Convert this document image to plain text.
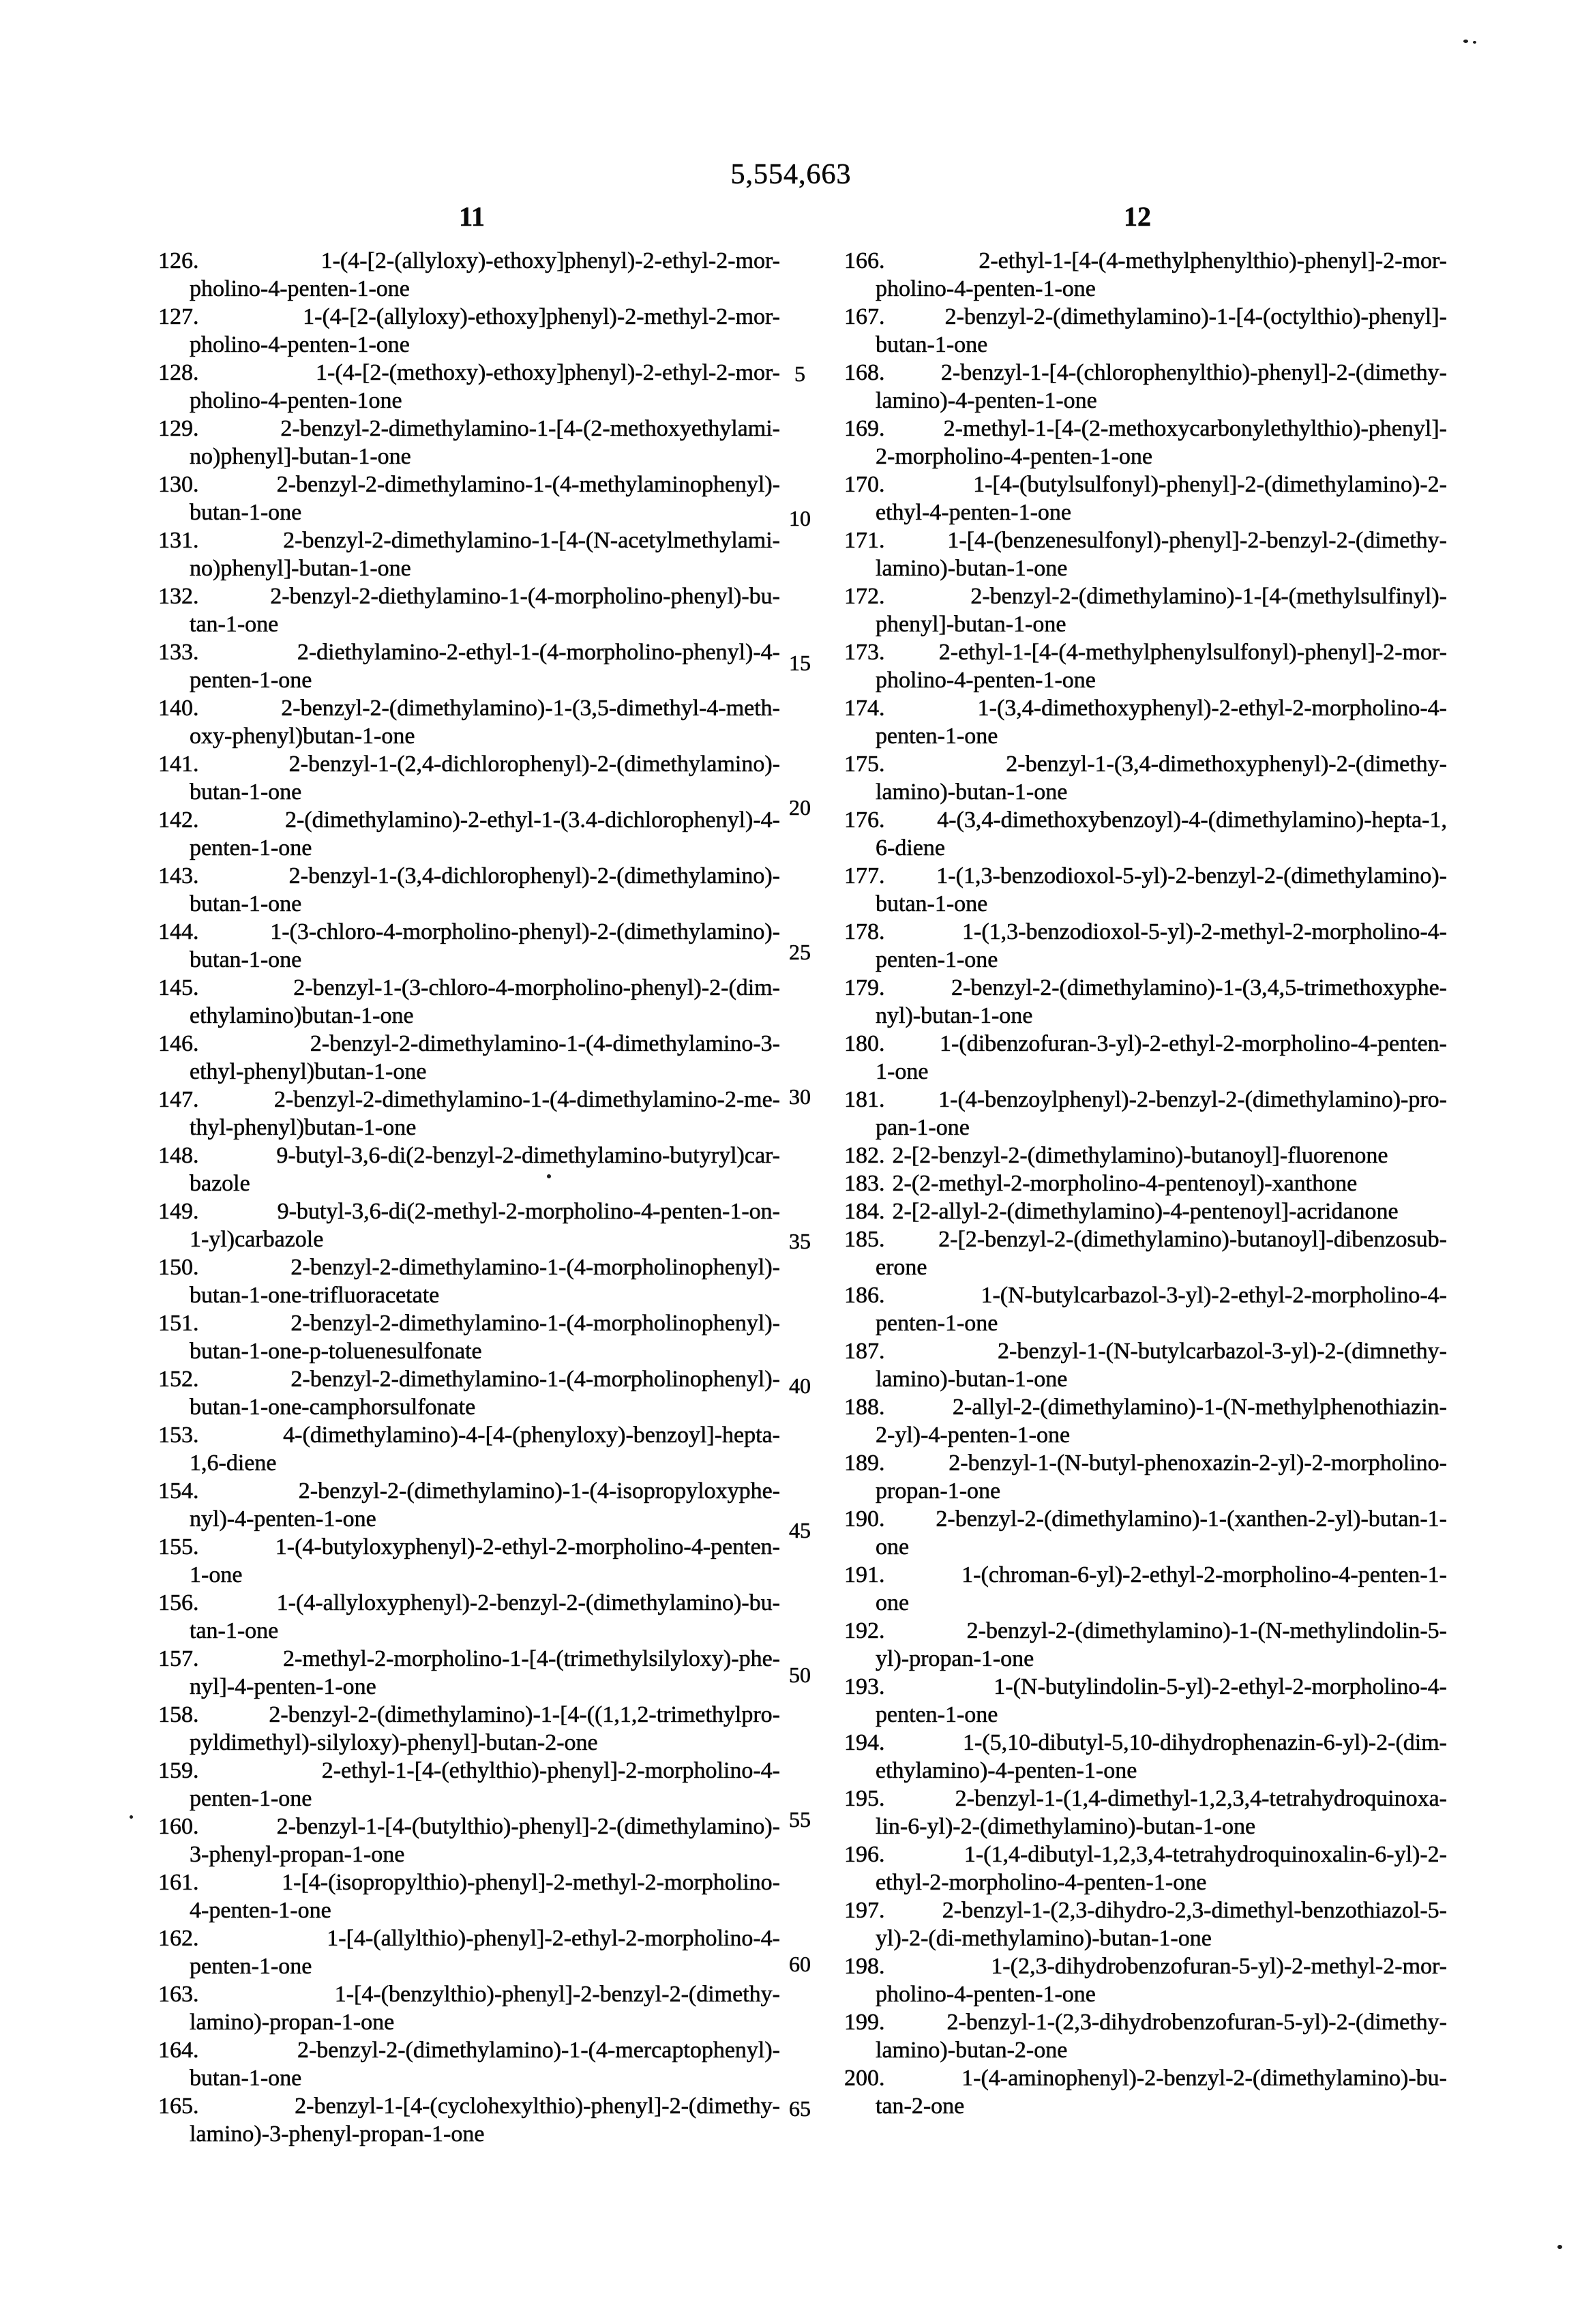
5,554,663
11	12
126.	1-(4-[2-(allyloxy)-ethoxy]phenyl)-2-ethyl-2-mor-
pholino-4-penten-1-one
127.	1-(4-[2-(allyloxy)-ethoxy]phenyl)-2-methyl-2-mor-
pholino-4-penten-1-one
128.	1-(4-[2-(methoxy)-ethoxy]phenyl)-2-ethyl-2-mor-
pholino-4-penten-1one
129.	2-benzyl-2-dimethylamino-1-[4-(2-methoxyethylami-
no)phenyl]-butan-1-one
130.	2-benzyl-2-dimethylamino-1-(4-methylaminophenyl)-
butan-1-one
131.	2-benzyl-2-dimethylamino-1-[4-(N-acetylmethylami-
no)phenyl]-butan-1-one
132.	2-benzyl-2-diethylamino-1-(4-morpholino-phenyl)-bu-
tan-1-one
133.	2-diethylamino-2-ethyl-1-(4-morpholino-phenyl)-4-
penten-1-one
140.	2-benzyl-2-(dimethylamino)-1-(3,5-dimethyl-4-meth-
oxy-phenyl)butan-1-one
141.	2-benzyl-1-(2,4-dichlorophenyl)-2-(dimethylamino)-
butan-1-one
142.	2-(dimethylamino)-2-ethyl-1-(3.4-dichlorophenyl)-4-
penten-1-one
143.	2-benzyl-1-(3,4-dichlorophenyl)-2-(dimethylamino)-
butan-1-one
144.	1-(3-chloro-4-morpholino-phenyl)-2-(dimethylamino)-
butan-1-one
145.	2-benzyl-1-(3-chloro-4-morpholino-phenyl)-2-(dim-
ethylamino)butan-1-one
146.	2-benzyl-2-dimethylamino-1-(4-dimethylamino-3-
ethyl-phenyl)butan-1-one
147.	2-benzyl-2-dimethylamino-1-(4-dimethylamino-2-me-
thyl-phenyl)butan-1-one
148.	9-butyl-3,6-di(2-benzyl-2-dimethylamino-butyryl)car-
bazole
149.	9-butyl-3,6-di(2-methyl-2-morpholino-4-penten-1-on-
1-yl)carbazole
150.	2-benzyl-2-dimethylamino-1-(4-morpholinophenyl)-
butan-1-one-trifluoracetate
151.	2-benzyl-2-dimethylamino-1-(4-morpholinophenyl)-
butan-1-one-p-toluenesulfonate
152.	2-benzyl-2-dimethylamino-1-(4-morpholinophenyl)-
butan-1-one-camphorsulfonate
153.	4-(dimethylamino)-4-[4-(phenyloxy)-benzoyl]-hepta-
1,6-diene
154.	2-benzyl-2-(dimethylamino)-1-(4-isopropyloxyphe-
nyl)-4-penten-1-one
155.	1-(4-butyloxyphenyl)-2-ethyl-2-morpholino-4-penten-
1-one
156.	1-(4-allyloxyphenyl)-2-benzyl-2-(dimethylamino)-bu-
tan-1-one
157.	2-methyl-2-morpholino-1-[4-(trimethylsilyloxy)-phe-
nyl]-4-penten-1-one
158.	2-benzyl-2-(dimethylamino)-1-[4-((1,1,2-trimethylpro-
pyldimethyl)-silyloxy)-phenyl]-butan-2-one
159.	2-ethyl-1-[4-(ethylthio)-phenyl]-2-morpholino-4-
penten-1-one
160.	2-benzyl-1-[4-(butylthio)-phenyl]-2-(dimethylamino)-
3-phenyl-propan-1-one
161.	1-[4-(isopropylthio)-phenyl]-2-methyl-2-morpholino-
4-penten-1-one
162.	1-[4-(allylthio)-phenyl]-2-ethyl-2-morpholino-4-
penten-1-one
163.	1-[4-(benzylthio)-phenyl]-2-benzyl-2-(dimethy-
lamino)-propan-1-one
164.	2-benzyl-2-(dimethylamino)-1-(4-mercaptophenyl)-
butan-1-one
165.	2-benzyl-1-[4-(cyclohexylthio)-phenyl]-2-(dimethy-
lamino)-3-phenyl-propan-1-one
166.	2-ethyl-1-[4-(4-methylphenylthio)-phenyl]-2-mor-
pholino-4-penten-1-one
167.	2-benzyl-2-(dimethylamino)-1-[4-(octylthio)-phenyl]-
butan-1-one
168. 2-benzyl-1-[4-(chlorophenylthio)-phenyl]-2-(dimethy-
lamino)-4-penten-1-one
169.	2-methyl-1-[4-(2-methoxycarbonylethylthio)-phenyl]-
2-morpholino-4-penten-1-one
170.	1-[4-(butylsulfonyl)-phenyl]-2-(dimethylamino)-2-
ethyl-4-penten-1-one
171.	1-[4-(benzenesulfonyl)-phenyl]-2-benzyl-2-(dimethy-
lamino)-butan-1-one
172.	2-benzyl-2-(dimethylamino)-1-[4-(methylsulfinyl)-
phenyl]-butan-1-one
173. 2-ethyl-1-[4-(4-methylphenylsulfonyl)-phenyl]-2-mor-
pholino-4-penten-1-one
174.	1-(3,4-dimethoxyphenyl)-2-ethyl-2-morpholino-4-
penten-1-one
175.	2-benzyl-1-(3,4-dimethoxyphenyl)-2-(dimethy-
lamino)-butan-1-one
176. 4-(3,4-dimethoxybenzoyl)-4-(dimethylamino)-hepta-1,
6-diene
177. 1-(1,3-benzodioxol-5-yl)-2-benzyl-2-(dimethylamino)-
butan-1-one
178.	1-(1,3-benzodioxol-5-yl)-2-methyl-2-morpholino-4-
penten-1-one
179.	2-benzyl-2-(dimethylamino)-1-(3,4,5-trimethoxyphe-
nyl)-butan-1-one
180. 1-(dibenzofuran-3-yl)-2-ethyl-2-morpholino-4-penten-
1-one
181. 1-(4-benzoylphenyl)-2-benzyl-2-(dimethylamino)-pro-
pan-1-one
182. 2-[2-benzyl-2-(dimethylamino)-butanoyl]-fluorenone
183. 2-(2-methyl-2-morpholino-4-pentenoyl)-xanthone
184. 2-[2-allyl-2-(dimethylamino)-4-pentenoyl]-acridanone
185. 2-[2-benzyl-2-(dimethylamino)-butanoyl]-dibenzosub-
erone
186.	1-(N-butylcarbazol-3-yl)-2-ethyl-2-morpholino-4-
penten-1-one
187.	2-benzyl-1-(N-butylcarbazol-3-yl)-2-(dimnethy-
lamino)-butan-1-one
188.	2-allyl-2-(dimethylamino)-1-(N-methylphenothiazin-
2-yl)-4-penten-1-one
189.	2-benzyl-1-(N-butyl-phenoxazin-2-yl)-2-morpholino-
propan-1-one
190. 2-benzyl-2-(dimethylamino)-1-(xanthen-2-yl)-butan-1-
one
191.	1-(chroman-6-yl)-2-ethyl-2-morpholino-4-penten-1-
one
192.	2-benzyl-2-(dimethylamino)-1-(N-methylindolin-5-
yl)-propan-1-one
193.	1-(N-butylindolin-5-yl)-2-ethyl-2-morpholino-4-
penten-1-one
194.	1-(5,10-dibutyl-5,10-dihydrophenazin-6-yl)-2-(dim-
ethylamino)-4-penten-1-one
195.	2-benzyl-1-(1,4-dimethyl-1,2,3,4-tetrahydroquinoxa-
lin-6-yl)-2-(dimethylamino)-butan-1-one
196.	1-(1,4-dibutyl-1,2,3,4-tetrahydroquinoxalin-6-yl)-2-
ethyl-2-morpholino-4-penten-1-one
197. 2-benzyl-1-(2,3-dihydro-2,3-dimethyl-benzothiazol-5-
yl)-2-(di-methylamino)-butan-1-one
198.	1-(2,3-dihydrobenzofuran-5-yl)-2-methyl-2-mor-
pholino-4-penten-1-one
199.	2-benzyl-1-(2,3-dihydrobenzofuran-5-yl)-2-(dimethy-
lamino)-butan-2-one
200.	1-(4-aminophenyl)-2-benzyl-2-(dimethylamino)-bu-
tan-2-one
5
10
15
20
25
30
35
40
45
50
55
60
65
